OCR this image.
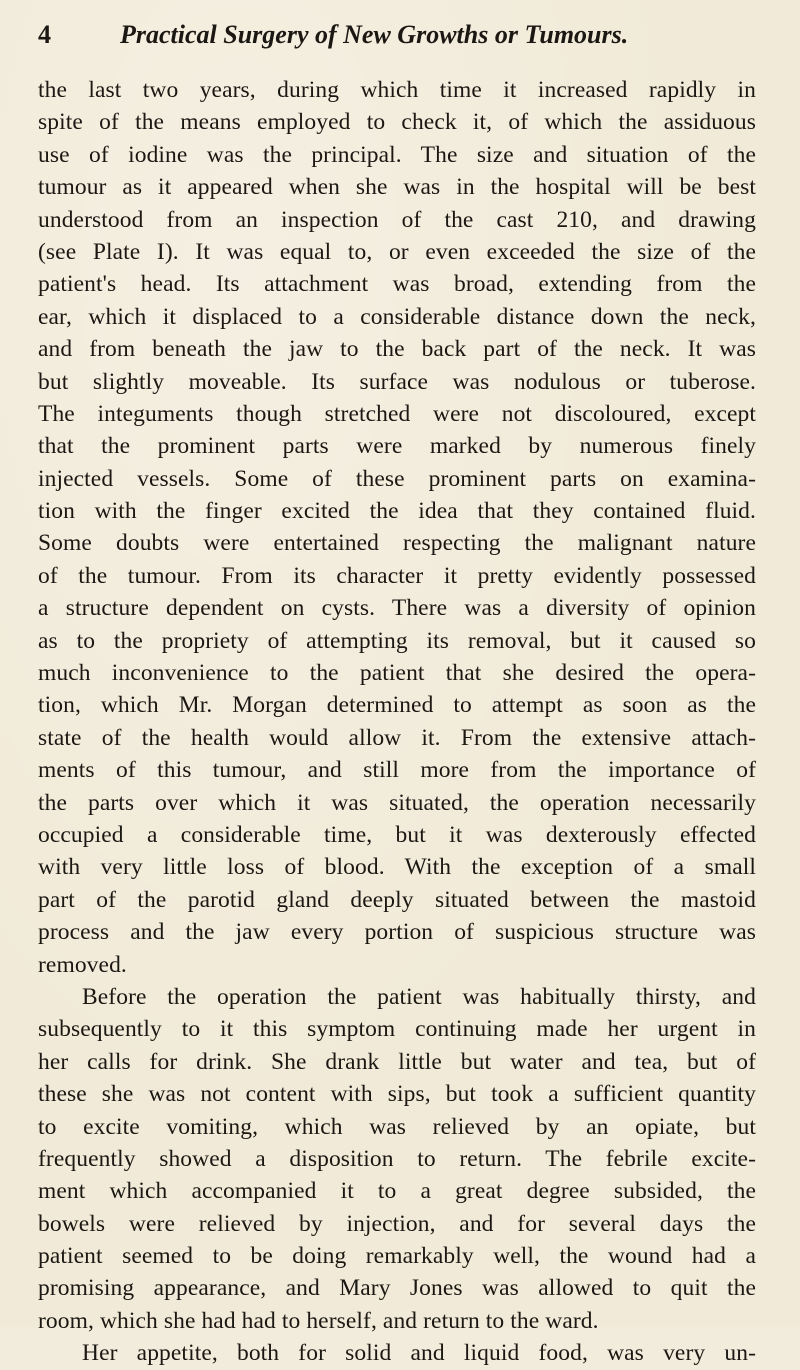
4	Practical Surgery of New Growths or Tumours.
the last two years, during which time it increased rapidly in
spite of the means employed to check it, of which the assiduous
use of iodine was the principal. The size and situation of the
tumour as it appeared when she was in the hospital will be best
understood from an inspection of the cast 210, and drawing
(see Plate I). It was equal to, or even exceeded the size of the
patient's head. Its attachment was broad, extending from the
ear, which it displaced to a considerable distance down the neck,
and from beneath the jaw to the back part of the neck. It was
but slightly moveable. Its surface was nodulous or tuberose.
The integuments though stretched were not discoloured, except
that the prominent parts were marked by numerous finely
injected vessels. Some of these prominent parts on examina-
tion with the finger excited the idea that they contained fluid.
Some doubts were entertained respecting the malignant nature
of the tumour. From its character it pretty evidently possessed
a structure dependent on cysts. There was a diversity of opinion
as to the propriety of attempting its removal, but it caused so
much inconvenience to the patient that she desired the opera-
tion, which Mr. Morgan determined to attempt as soon as the
state of the health would allow it. From the extensive attach-
ments of this tumour, and still more from the importance of
the parts over which it was situated, the operation necessarily
occupied a considerable time, but it was dexterously effected
with very little loss of blood. With the exception of a small
part of the parotid gland deeply situated between the mastoid
process and the jaw every portion of suspicious structure was
removed.
Before the operation the patient was habitually thirsty, and
subsequently to it this symptom continuing made her urgent in
her calls for drink. She drank little but water and tea, but of
these she was not content with sips, but took a sufficient quantity
to excite vomiting, which was relieved by an opiate, but
frequently showed a disposition to return. The febrile excite-
ment which accompanied it to a great degree subsided, the
bowels were relieved by injection, and for several days the
patient seemed to be doing remarkably well, the wound had a
promising appearance, and Mary Jones was allowed to quit the
room, which she had had to herself, and return to the ward.
Her appetite, both for solid and liquid food, was very un-
